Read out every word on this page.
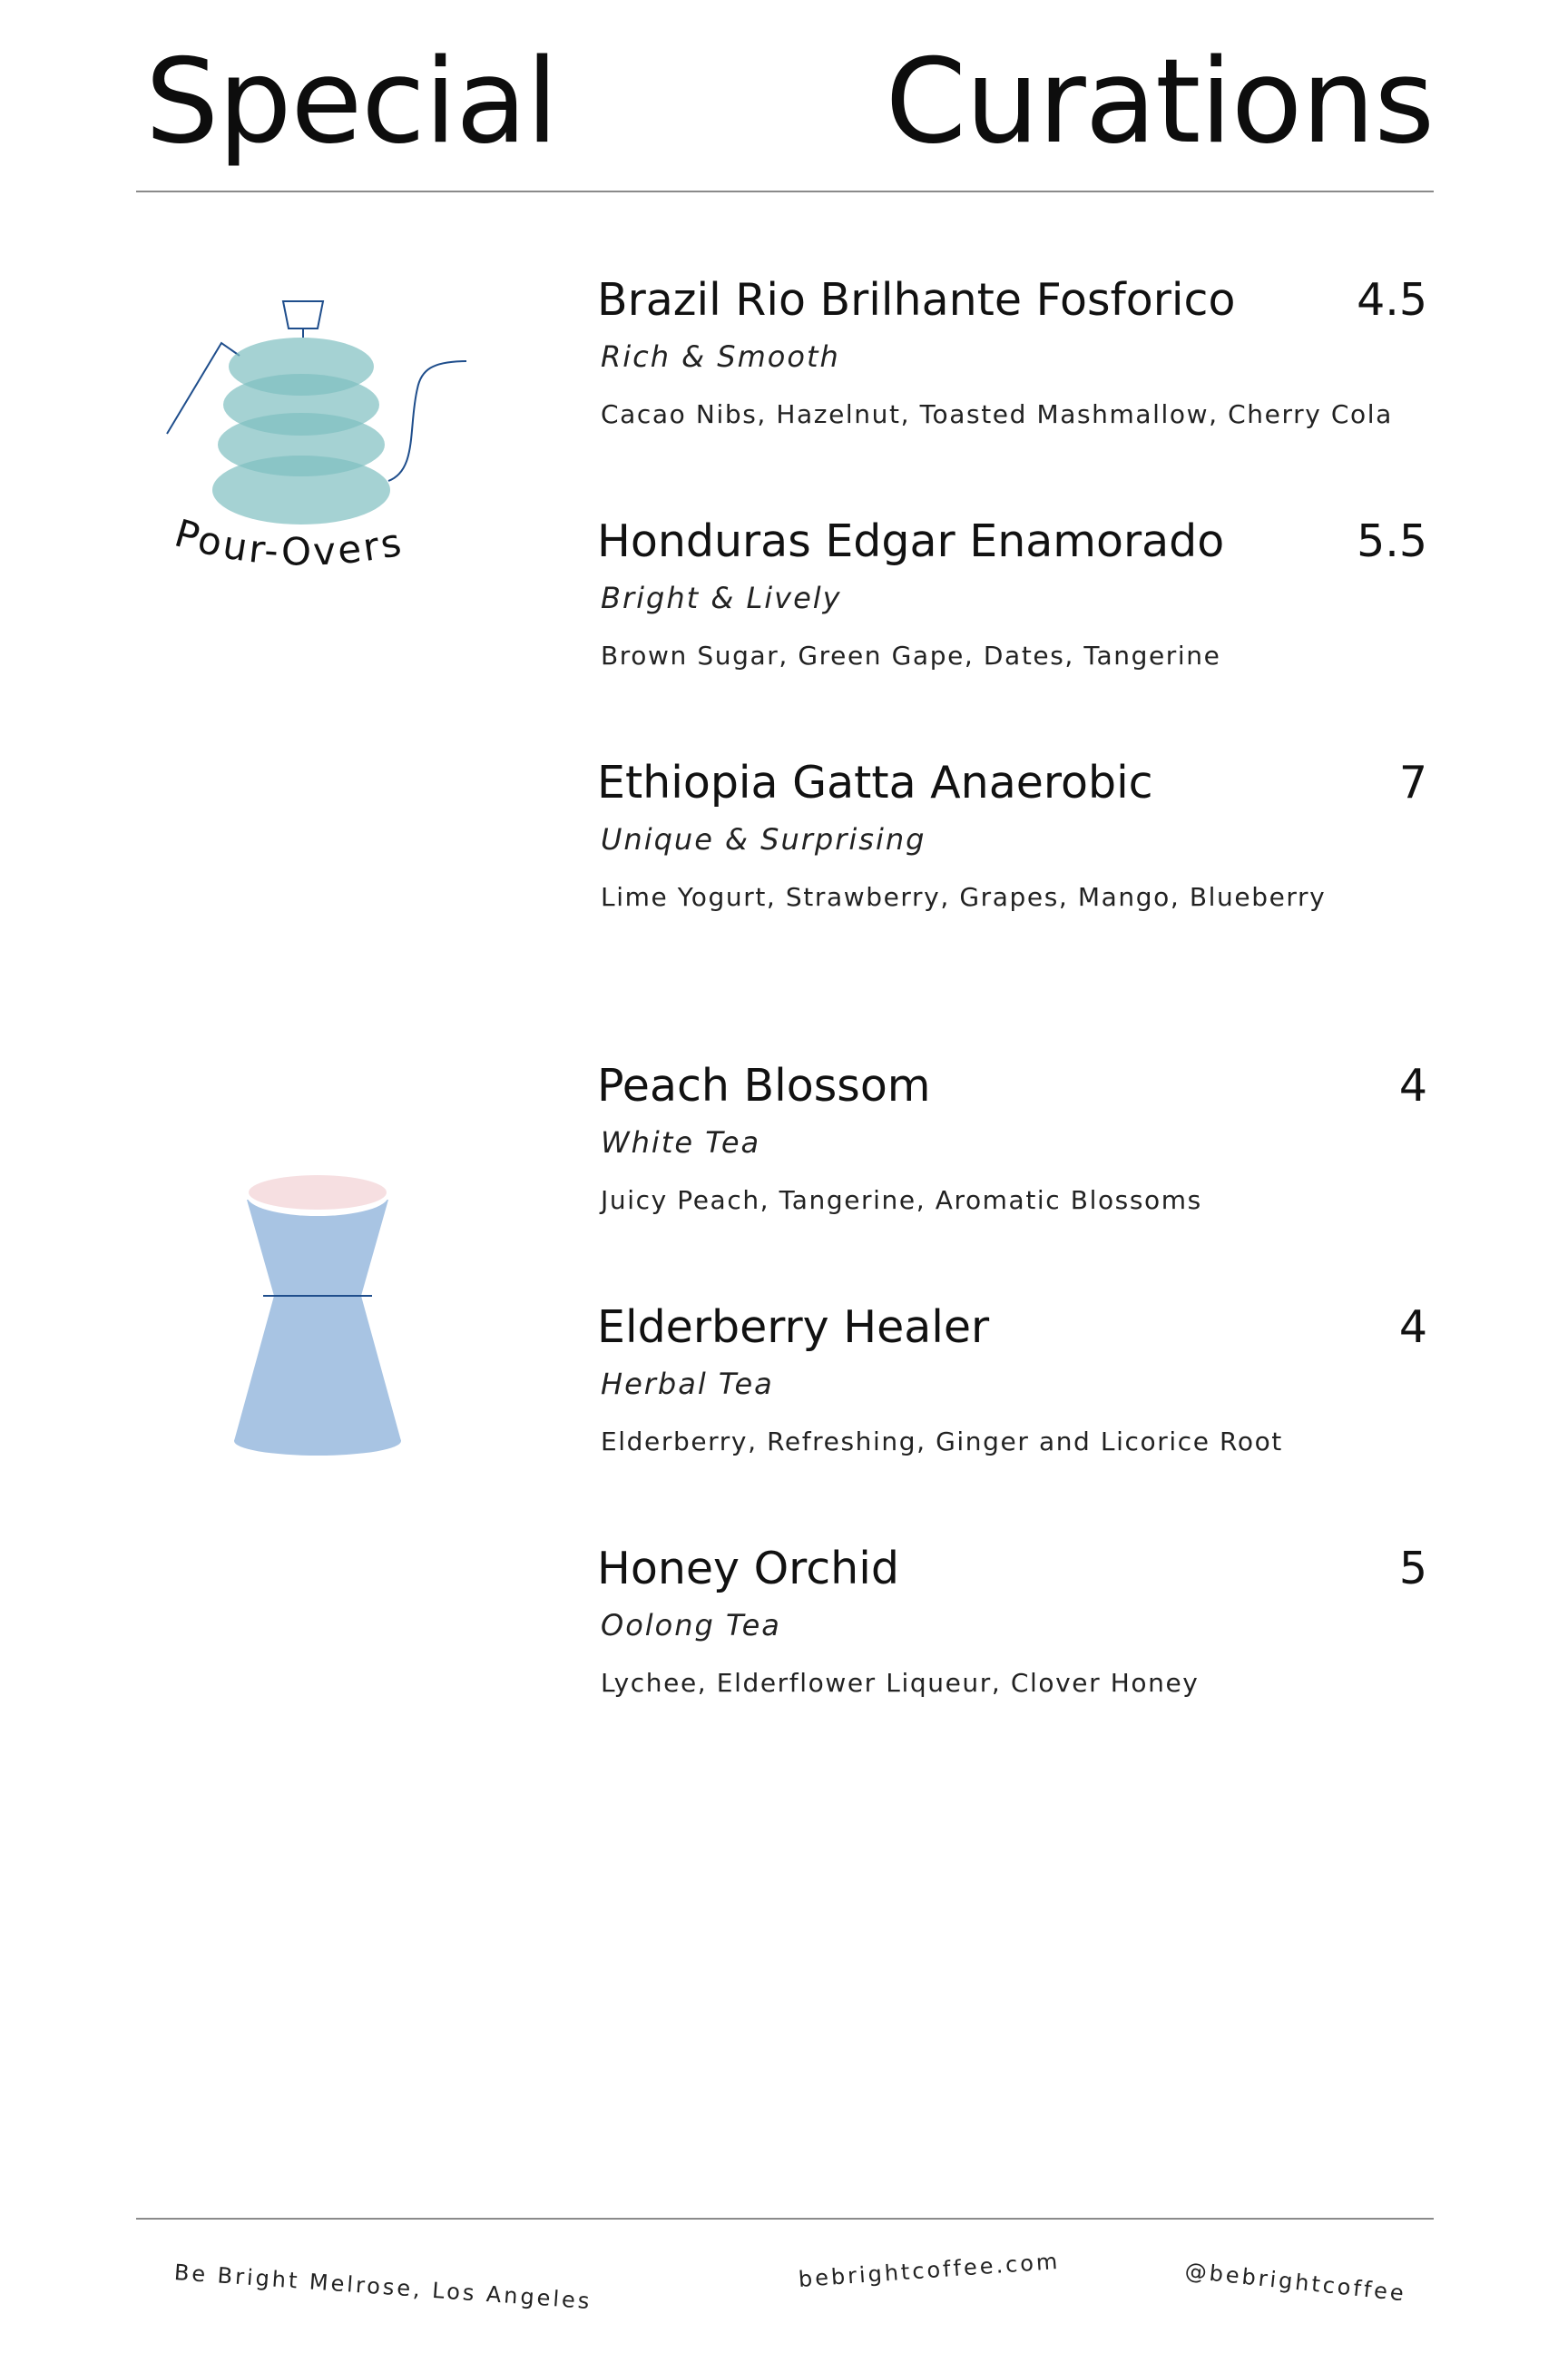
Special	Curations
Pour-Overs
Brazil Rio Brilhante Fosforico	4.5
Rich & Smooth
Cacao Nibs, Hazelnut, Toasted Mashmallow, Cherry Cola
Honduras Edgar Enamorado	5.5
Bright & Lively
Brown Sugar, Green Gape, Dates, Tangerine
Ethiopia Gatta Anaerobic	7
Unique & Surprising
Lime Yogurt, Strawberry, Grapes, Mango, Blueberry
Peach Blossom	4
White Tea
Juicy Peach, Tangerine, Aromatic Blossoms
Elderberry Healer	4
Herbal Tea
Elderberry, Refreshing, Ginger and Licorice Root
Honey Orchid	5
Oolong Tea
Lychee, Elderflower Liqueur, Clover Honey
Be Bright Melrose, Los Angeles	bebrightcoffee.com	@bebrightcoffee
